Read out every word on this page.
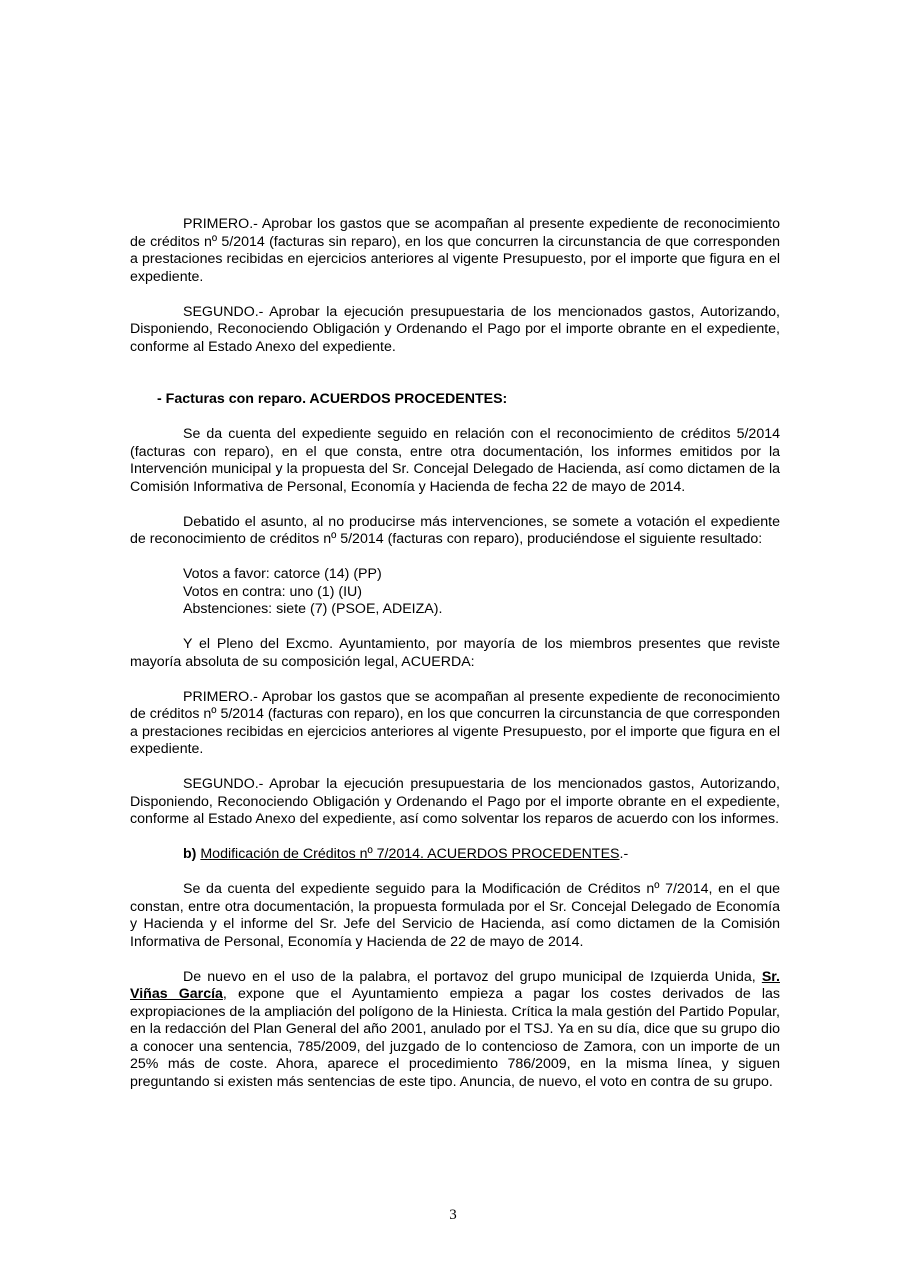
PRIMERO.- Aprobar los gastos que se acompañan al presente expediente de reconocimiento de créditos nº 5/2014 (facturas sin reparo), en los que concurren la circunstancia de que corresponden a prestaciones recibidas en ejercicios anteriores al vigente Presupuesto, por el importe que figura en el expediente.

SEGUNDO.- Aprobar la ejecución presupuestaria de los mencionados gastos, Autorizando, Disponiendo, Reconociendo Obligación y Ordenando el Pago por el importe obrante en el expediente, conforme al Estado Anexo del expediente.

- Facturas con reparo. ACUERDOS PROCEDENTES:

Se da cuenta del expediente seguido en relación con el reconocimiento de créditos 5/2014 (facturas con reparo), en el que consta, entre otra documentación, los informes emitidos por la Intervención municipal y la propuesta del Sr. Concejal Delegado de Hacienda, así como dictamen de la Comisión Informativa de Personal, Economía y Hacienda de fecha 22 de mayo de 2014.

Debatido el asunto, al no producirse más intervenciones, se somete a votación el expediente de reconocimiento de créditos nº 5/2014 (facturas con reparo), produciéndose el siguiente resultado:

Votos a favor: catorce (14) (PP)

Votos en contra: uno (1) (IU)

Abstenciones: siete (7) (PSOE, ADEIZA).

Y el Pleno del Excmo. Ayuntamiento, por mayoría de los miembros presentes que reviste mayoría absoluta de su composición legal, ACUERDA:

PRIMERO.- Aprobar los gastos que se acompañan al presente expediente de reconocimiento de créditos nº 5/2014 (facturas con reparo), en los que concurren la circunstancia de que corresponden a prestaciones recibidas en ejercicios anteriores al vigente Presupuesto, por el importe que figura en el expediente.

SEGUNDO.- Aprobar la ejecución presupuestaria de los mencionados gastos, Autorizando, Disponiendo, Reconociendo Obligación y Ordenando el Pago por el importe obrante en el expediente, conforme al Estado Anexo del expediente, así como solventar los reparos de acuerdo con los informes.

b) Modificación de Créditos nº 7/2014. ACUERDOS PROCEDENTES.-

Se da cuenta del expediente seguido para la Modificación de Créditos nº 7/2014, en el que constan, entre otra documentación, la propuesta formulada por el Sr. Concejal Delegado de Economía y Hacienda y el informe del Sr. Jefe del Servicio de Hacienda, así como dictamen de la Comisión Informativa de Personal, Economía y Hacienda de 22 de mayo de 2014.

De nuevo en el uso de la palabra, el portavoz del grupo municipal de Izquierda Unida, Sr. Viñas García, expone que el Ayuntamiento empieza a pagar los costes derivados de las expropiaciones de la ampliación del polígono de la Hiniesta. Crítica la mala gestión del Partido Popular, en la redacción del Plan General del año 2001, anulado por el TSJ. Ya en su día, dice que su grupo dio a conocer una sentencia, 785/2009, del juzgado de lo contencioso de Zamora, con un importe de un 25% más de coste. Ahora, aparece el procedimiento 786/2009, en la misma línea, y siguen preguntando si existen más sentencias de este tipo. Anuncia, de nuevo, el voto en contra de su grupo.

3
